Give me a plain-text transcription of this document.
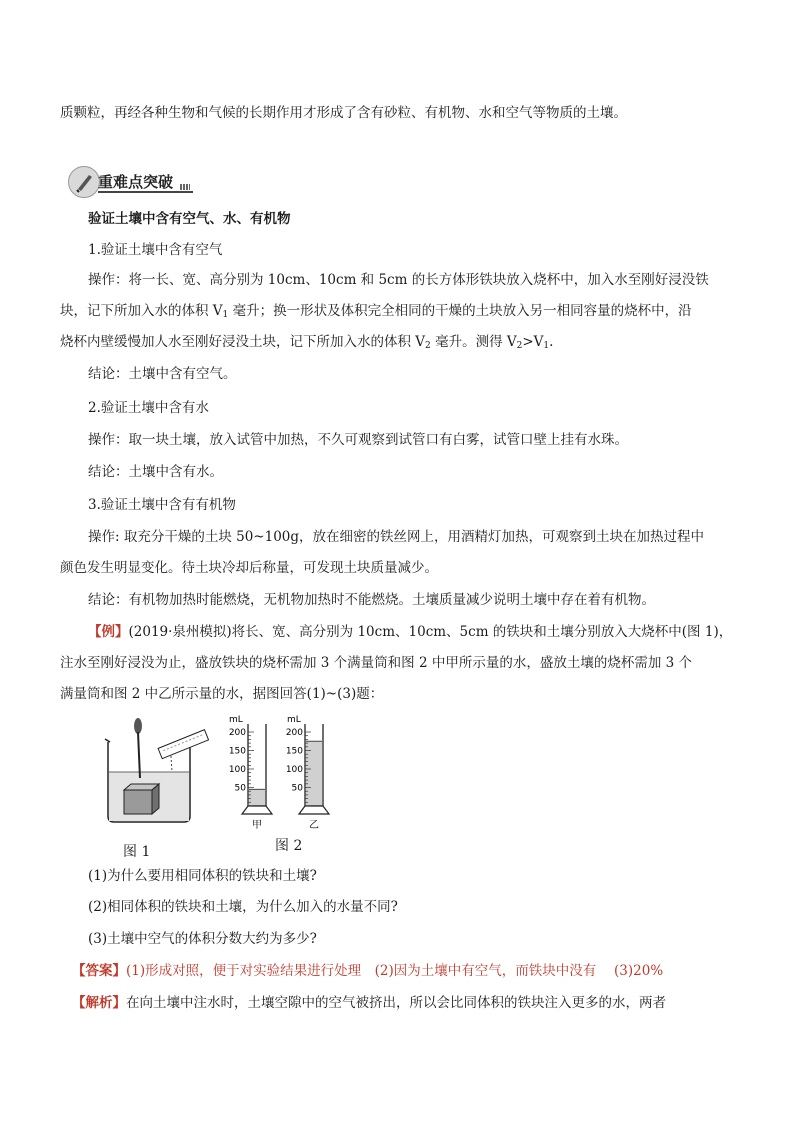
质颗粒，再经各种生物和气候的长期作用才形成了含有砂粒、有机物、水和空气等物质的土壤。
重难点突破
验证土壤中含有空气、水、有机物
1.验证土壤中含有空气
操作：将一长、宽、高分别为 10cm、10cm 和 5cm 的长方体形铁块放入烧杯中，加入水至刚好浸没铁
块，记下所加入水的体积 $V_1$ 毫升；换一形状及体积完全相同的干燥的土块放入另一相同容量的烧杯中，沿
烧杯内壁缓慢加人水至刚好浸没土块，记下所加入水的体积 $V_2$ 毫升。测得 $V_2>V_1$.
结论：土壤中含有空气。
2.验证土壤中含有水
操作：取一块土壤，放入试管中加热，不久可观察到试管口有白雾，试管口壁上挂有水珠。
结论：土壤中含有水。
3.验证土壤中含有有机物
操作: 取充分干燥的土块 50~100g，放在细密的铁丝网上，用酒精灯加热，可观察到土块在加热过程中
颜色发生明显变化。待土块冷却后称量，可发现土块质量减少。
结论：有机物加热时能燃烧，无机物加热时不能燃烧。土壤质量减少说明土壤中存在着有机物。
【例】(2019·泉州模拟)将长、宽、高分别为 10cm、10cm、5cm 的铁块和土壤分别放入大烧杯中(图 1)，
注水至刚好浸没为止，盛放铁块的烧杯需加 3 个满量筒和图 2 中甲所示量的水，盛放土壤的烧杯需加 3 个
满量筒和图 2 中乙所示量的水，据图回答(1)~(3)题：
mL	mL
200
150
100
50
200
150
100
50
甲	乙
图 1	图 2
(1)为什么要用相同体积的铁块和土壤?
(2)相同体积的铁块和土壤，为什么加入的水量不同?
(3)土壤中空气的体积分数大约为多少?
【答案】(1)形成对照，便于对实验结果进行处理　(2)因为土壤中有空气，而铁块中没有　 (3)20%
【解析】在向土壤中注水时，土壤空隙中的空气被挤出，所以会比同体积的铁块注入更多的水，两者
